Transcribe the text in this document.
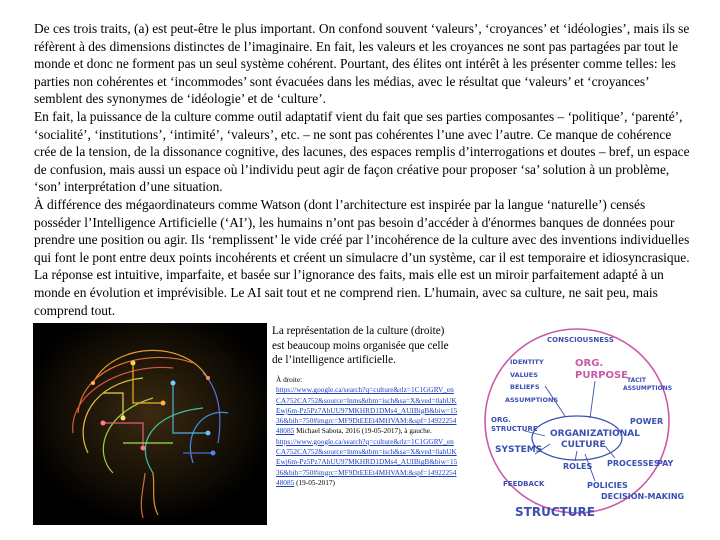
De ces trois traits, (a) est peut-être le plus important. On confond souvent ‘valeurs’, ‘croyances’ et ‘idéologies’, mais ils se réfèrent à des dimensions distinctes de l’imaginaire. En fait, les valeurs et les croyances ne sont pas partagées par tout le monde et donc ne forment pas un seul système cohérent. Pourtant, des élites ont intérêt à les présenter comme telles: les parties non cohérentes et ‘incommodes’ sont évacuées dans les médias, avec le résultat que ‘valeurs’ et ‘croyances’ semblent des synonymes de ‘idéologie’ et de ‘culture’.

En fait, la puissance de la culture comme outil adaptatif vient du fait que ses parties composantes – ‘politique’, ‘parenté’, ‘socialité’, ‘institutions’, ‘intimité’, ‘valeurs’, etc. – ne sont pas cohérentes l’une avec l’autre. Ce manque de cohérence crée de la tension, de la dissonance cognitive, des lacunes, des espaces remplis d’interrogations et doutes – bref, un espace de confusion, mais aussi un espace où l’individu peut agir de façon créative pour proposer ‘sa’ solution à un problème, ‘son’ interprétation d’une situation.

À différence des mégaordinateurs comme Watson (dont l’architecture est inspirée par la langue ‘naturelle’) censés posséder l’Intelligence Artificielle (‘AI’), les humains n’ont pas besoin d’accéder à d'énormes banques de données pour prendre une position ou agir. Ils ‘remplissent’ le vide créé par l’incohérence de la culture avec des inventions individuelles qui font le pont entre deux points incohérents et créent un simulacre d’un système, car il est temporaire et idiosyncrasique. La réponse est intuitive, imparfaite, et basée sur l’ignorance des faits, mais elle est un miroir parfaitement adapté à un monde en évolution et imprévisible. Le AI sait tout et ne comprend rien. L’humain, avec sa culture, ne sait peu, mais comprend tout.

La représentation de la culture (droite) est beaucoup moins organisée que celle de l’intelligence artificielle.
À droite:
https://www.google.ca/search?q=culture&rlz=1C1GGRV_enCA752CA752&source=lnms&tbm=isch&sa=X&ved=0ahUKEwj6m-Pz5Pz7AhUU97MKHRD1DMs4_AUIBigB&biw=1536&bih=750#imgrc=MF9DtEEEt4MHVAM:&spf=1492225448085 Michael Sabota, 2016 (19-05-2017), à gauche.
https://www.google.ca/search?q=culture&rlz=1C1GGRV_enCA752CA752&source=lnms&tbm=isch&sa=X&ved=0ahUKEwj6m-Pz5Pz7AhUU97MKHRD1DMs4_AUIBigB&biw=1536&bih=750#imgrc=MF9DtEEEt4MHVAM:&spf=1492225448085 (19-05-2017)
CONSCIOUSNESS
IDENTITY
VALUES
BELIEFS
ASSUMPTIONS
ORG.
PURPOSE
TACIT
ASSUMPTIONS
ORGANIZATIONAL
CULTURE
ORG.
STRUCTURE
SYSTEMS
ROLES PROCESSES
PAY
POLICIES
FEEDBACK
DECISION-MAKING
STRUCTURE
POWER
